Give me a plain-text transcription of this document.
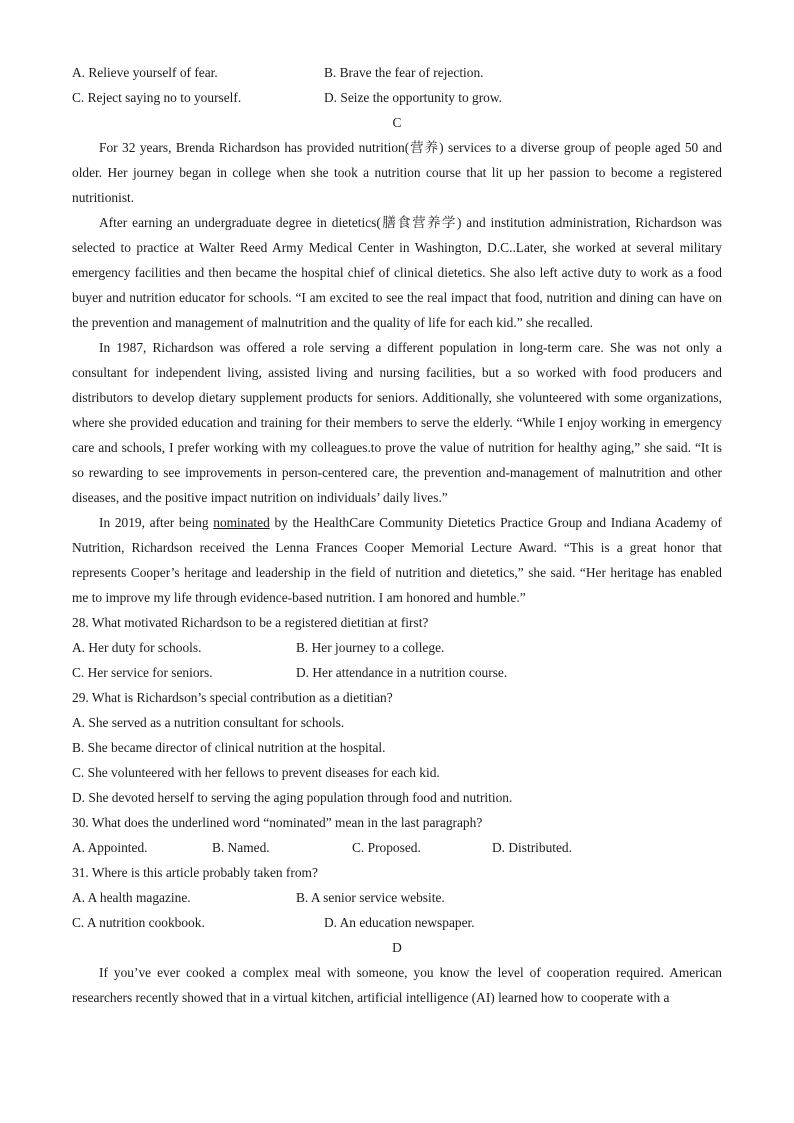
A. Relieve yourself of fear.	B. Brave the fear of rejection.
C. Reject saying no to yourself.	D. Seize the opportunity to grow.
C

For 32 years, Brenda Richardson has provided nutrition(营养) services to a diverse group of people aged 50 and older. Her journey began in college when she took a nutrition course that lit up her passion to become a registered nutritionist.

After earning an undergraduate degree in dietetics(膳食营养学) and institution administration, Richardson was selected to practice at Walter Reed Army Medical Center in Washington, D.C..Later, she worked at several military emergency facilities and then became the hospital chief of clinical dietetics. She also left active duty to work as a food buyer and nutrition educator for schools. “I am excited to see the real impact that food, nutrition and dining can have on the prevention and management of malnutrition and the quality of life for each kid.” she recalled.

In 1987, Richardson was offered a role serving a different population in long-term care. She was not only a consultant for independent living, assisted living and nursing facilities, but a so worked with food producers and distributors to develop dietary supplement products for seniors. Additionally, she volunteered with some organizations, where she provided education and training for their members to serve the elderly. “While I enjoy working in emergency care and schools, I prefer working with my colleagues.to prove the value of nutrition for healthy aging,” she said. “It is so rewarding to see improvements in person-centered care, the prevention and-management of malnutrition and other diseases, and the positive impact nutrition on individuals’ daily lives.”

In 2019, after being nominated by the HealthCare Community Dietetics Practice Group and Indiana Academy of Nutrition, Richardson received the Lenna Frances Cooper Memorial Lecture Award. “This is a great honor that represents Cooper’s heritage and leadership in the field of nutrition and dietetics,” she said. “Her heritage has enabled me to improve my life through evidence-based nutrition. I am honored and humble.”

28. What motivated Richardson to be a registered dietitian at first?
A. Her duty for schools.	B. Her journey to a college.
C. Her service for seniors.	D. Her attendance in a nutrition course.
29. What is Richardson’s special contribution as a dietitian?
A. She served as a nutrition consultant for schools.
B. She became director of clinical nutrition at the hospital.
C. She volunteered with her fellows to prevent diseases for each kid.
D. She devoted herself to serving the aging population through food and nutrition.
30. What does the underlined word “nominated” mean in the last paragraph?
A. Appointed.	B. Named.	C. Proposed.	D. Distributed.
31. Where is this article probably taken from?
A. A health magazine.	B. A senior service website.
C. A nutrition cookbook.	D. An education newspaper.
D

If you’ve ever cooked a complex meal with someone, you know the level of cooperation required. American researchers recently showed that in a virtual kitchen, artificial intelligence (AI) learned how to cooperate with a
